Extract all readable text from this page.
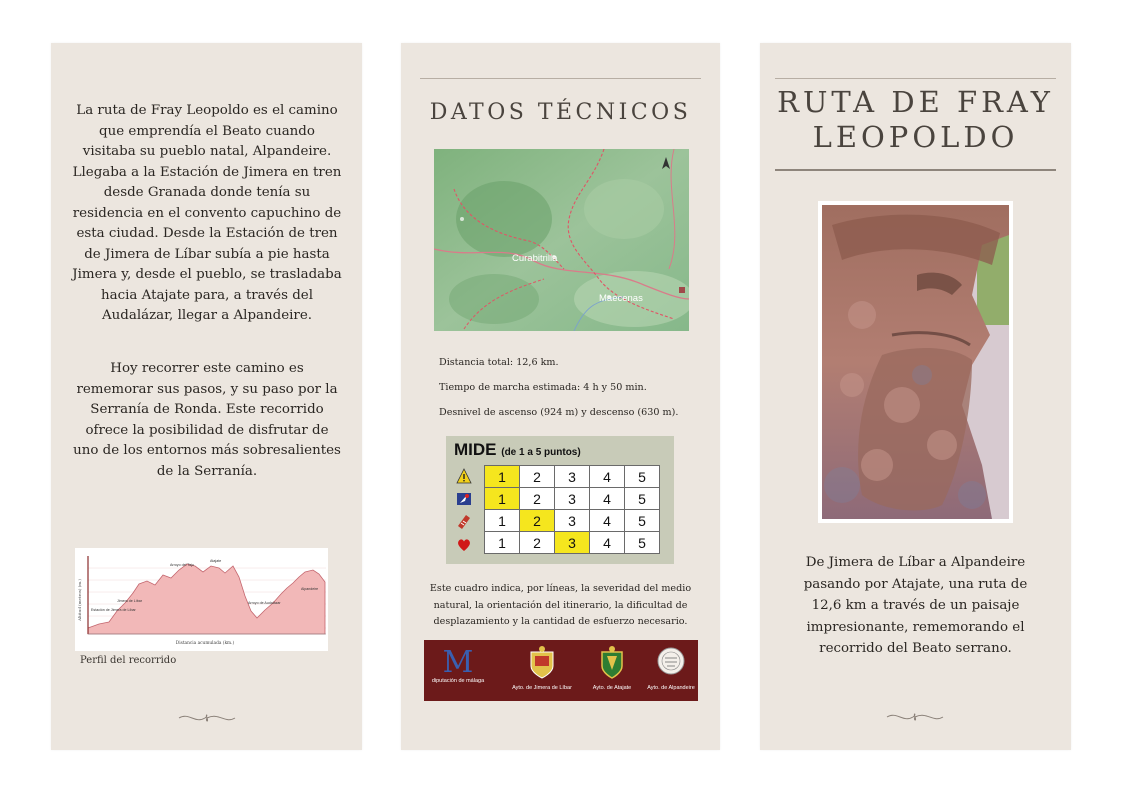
La ruta de Fray Leopoldo es el camino que emprendía el Beato cuando visitaba su pueblo natal, Alpandeire. Llegaba a la Estación de Jimera en tren desde Granada donde tenía su residencia en el convento capuchino de esta ciudad. Desde la Estación de tren de Jimera de Líbar subía a pie hasta Jimera y, desde el pueblo, se trasladaba hacia Atajate para, a través del Audalázar, llegar a Alpandeire.
Hoy recorrer este camino es rememorar sus pasos, y su paso por la Serranía de Ronda. Este recorrido ofrece la posibilidad de disfrutar de uno de los entornos más sobresalientes de la Serranía.
Altitud (metros) (m.)
Distancia acumulada (km.)
Estación de Jimera de Líbar
Jimera de Líbar
Arroyo del Tajo
Atajate
Arroyo de Audalázar
Alpandeire
Perfil del recorrido
DATOS TÉCNICOS
Curabitrilla
Maecenas
Distancia total: 12,6 km.
Tiempo de marcha estimada: 4 h y 50 min.
Desnivel de ascenso (924 m) y descenso (630 m).
MIDE (de 1 a 5 puntos)
1	2	3	4	5
1	2	3	4	5
1	2	3	4	5
1	2	3	4	5
Este cuadro indica, por líneas, la severidad del medio natural, la orientación del itinerario, la dificultad de desplazamiento y la cantidad de esfuerzo necesario.
M
diputación de málaga
Ayto. de Jimera de Líbar	Ayto. de Atajate	Ayto. de Alpandeire
RUTA DE FRAY LEOPOLDO
De Jimera de Líbar a Alpandeire pasando por Atajate, una ruta de 12,6 km a través de un paisaje impresionante, rememorando el recorrido del Beato serrano.
